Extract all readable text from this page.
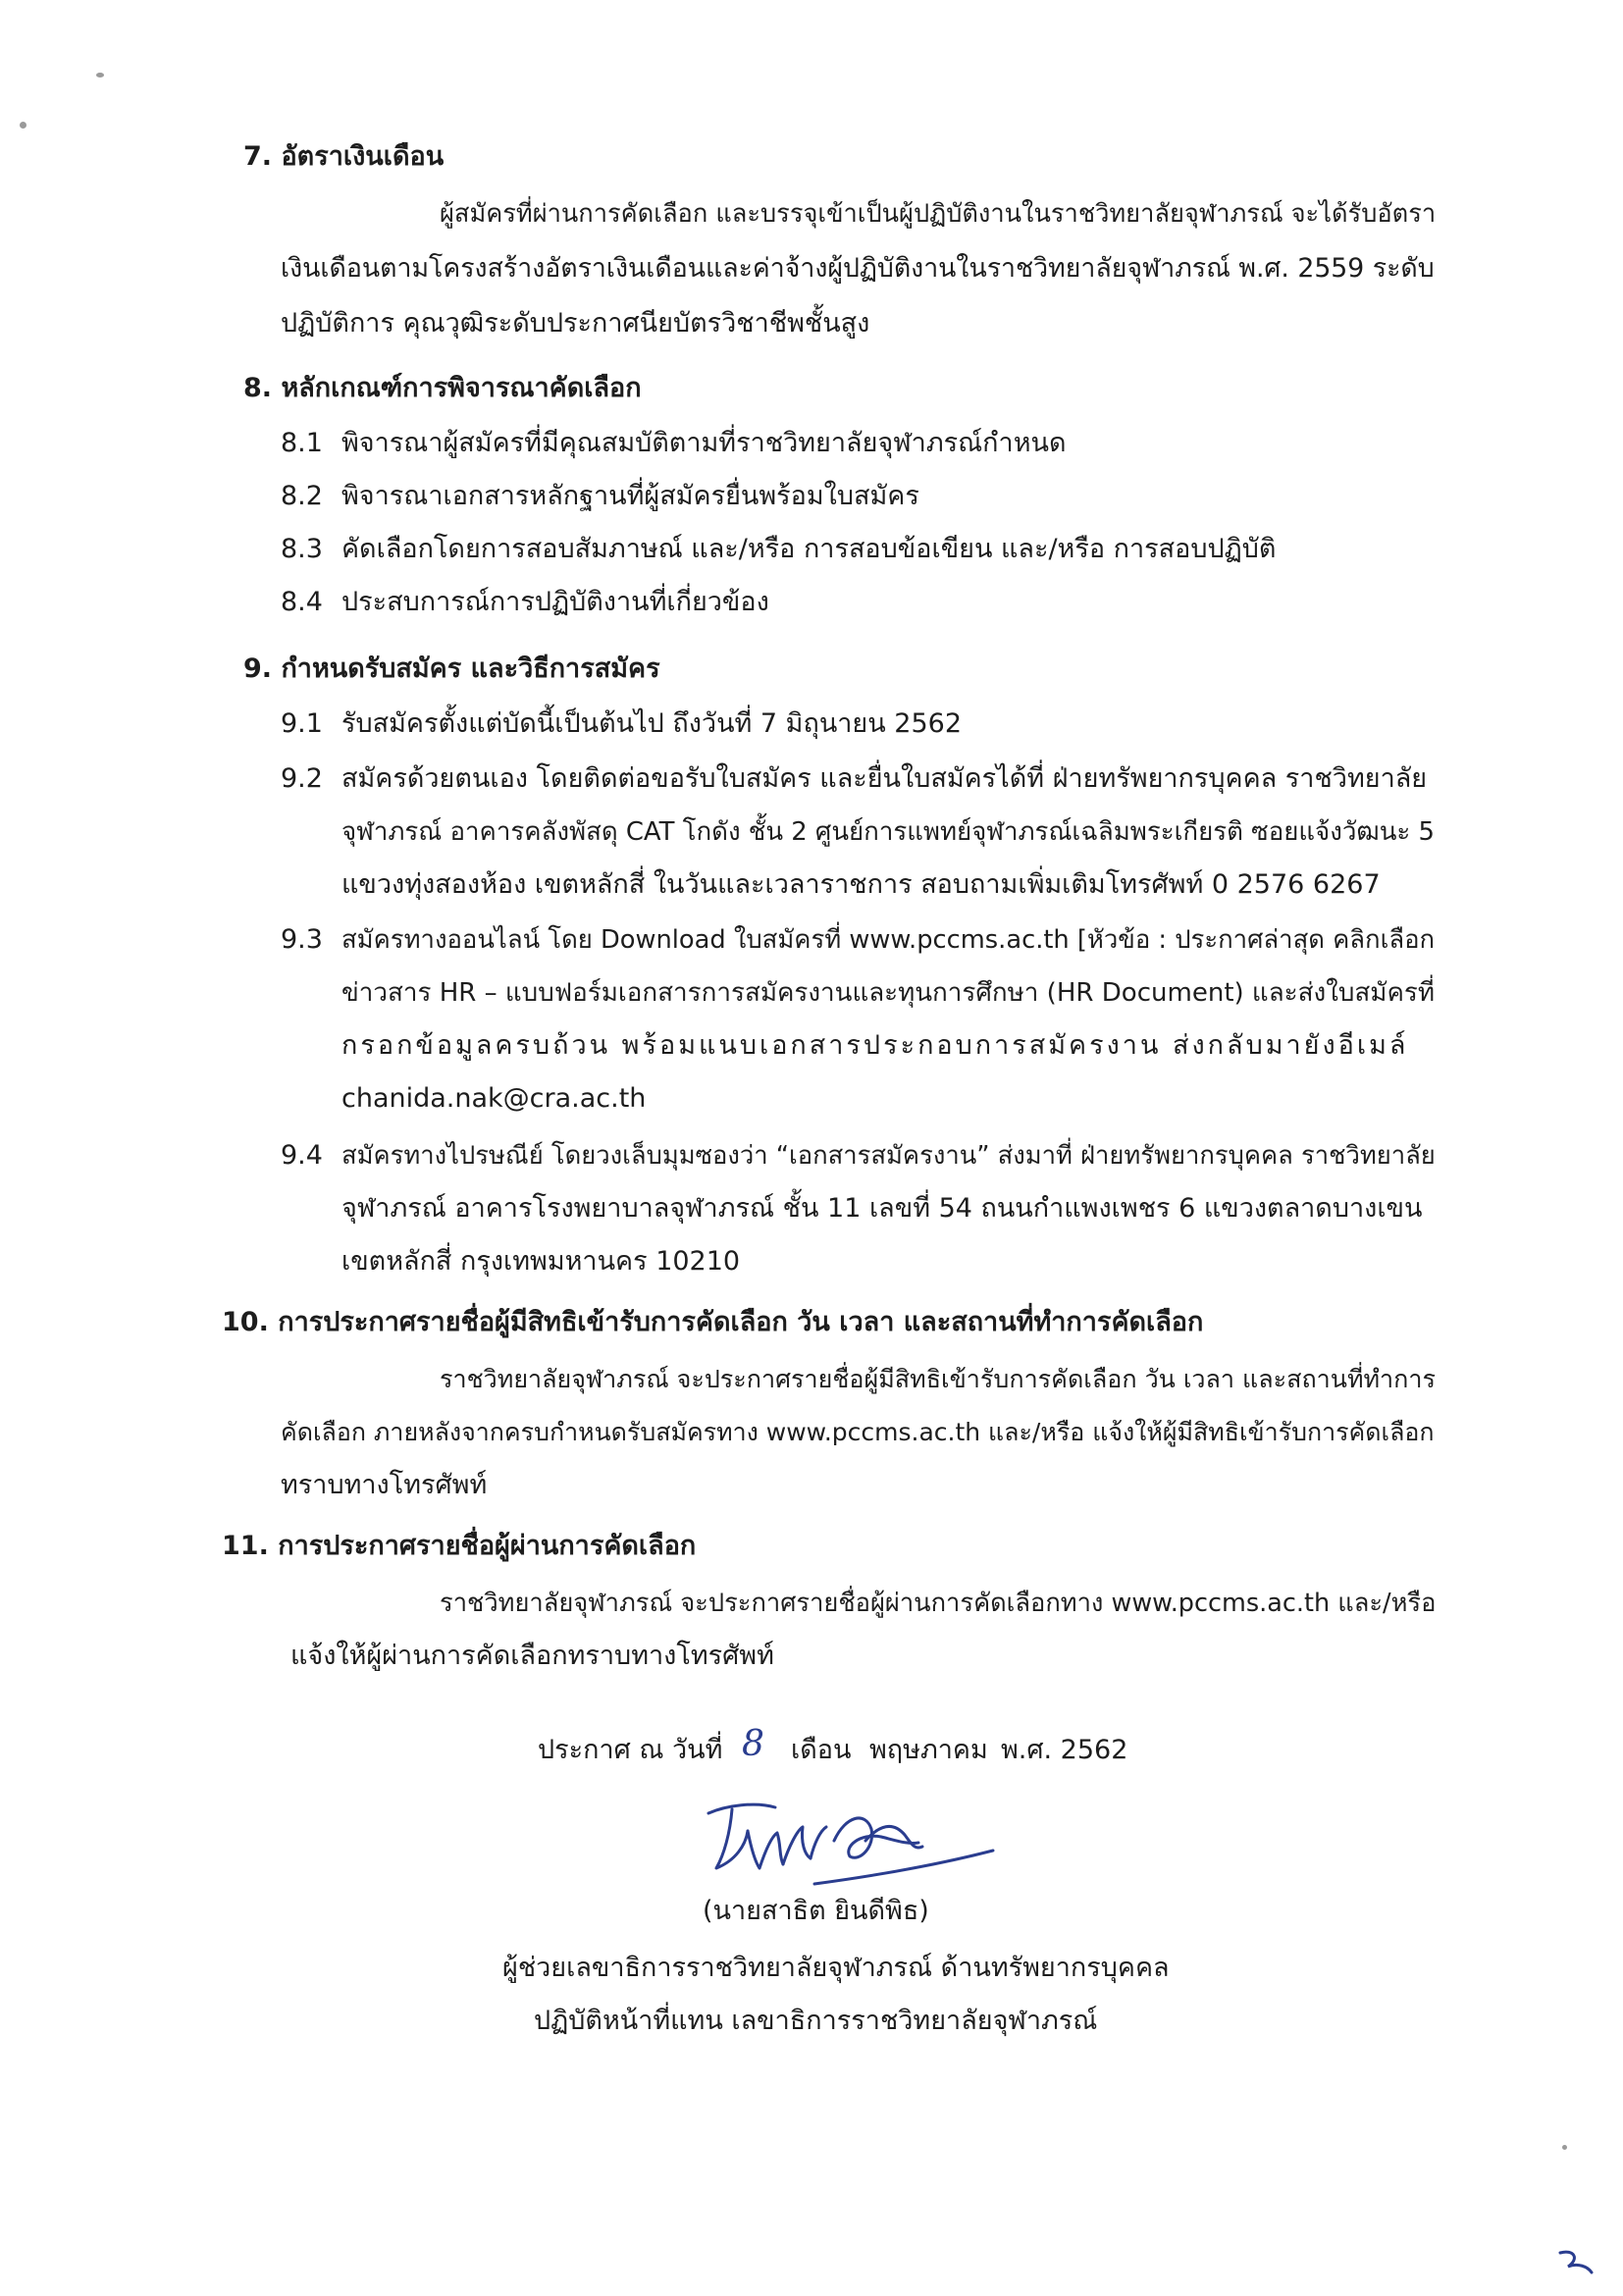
7. อัตราเงินเดือน
ผู้สมัครที่ผ่านการคัดเลือก และบรรจุเข้าเป็นผู้ปฏิบัติงานในราชวิทยาลัยจุฬาภรณ์ จะได้รับอัตรา
เงินเดือนตามโครงสร้างอัตราเงินเดือนและค่าจ้างผู้ปฏิบัติงานในราชวิทยาลัยจุฬาภรณ์ พ.ศ. 2559 ระดับ
ปฏิบัติการ คุณวุฒิระดับประกาศนียบัตรวิชาชีพชั้นสูง
8. หลักเกณฑ์การพิจารณาคัดเลือก
8.1 พิจารณาผู้สมัครที่มีคุณสมบัติตามที่ราชวิทยาลัยจุฬาภรณ์กำหนด
8.2 พิจารณาเอกสารหลักฐานที่ผู้สมัครยื่นพร้อมใบสมัคร
8.3 คัดเลือกโดยการสอบสัมภาษณ์ และ/หรือ การสอบข้อเขียน และ/หรือ การสอบปฏิบัติ
8.4 ประสบการณ์การปฏิบัติงานที่เกี่ยวข้อง
9. กำหนดรับสมัคร และวิธีการสมัคร
9.1 รับสมัครตั้งแต่บัดนี้เป็นต้นไป ถึงวันที่ 7 มิถุนายน 2562
9.2 สมัครด้วยตนเอง โดยติดต่อขอรับใบสมัคร และยื่นใบสมัครได้ที่ ฝ่ายทรัพยากรบุคคล ราชวิทยาลัย
จุฬาภรณ์ อาคารคลังพัสดุ CAT โกดัง ชั้น 2 ศูนย์การแพทย์จุฬาภรณ์เฉลิมพระเกียรติ ซอยแจ้งวัฒนะ 5
แขวงทุ่งสองห้อง เขตหลักสี่ ในวันและเวลาราชการ สอบถามเพิ่มเติมโทรศัพท์ 0 2576 6267
9.3 สมัครทางออนไลน์ โดย Download ใบสมัครที่ www.pccms.ac.th [หัวข้อ : ประกาศล่าสุด คลิกเลือก
ข่าวสาร HR – แบบฟอร์มเอกสารการสมัครงานและทุนการศึกษา (HR Document) และส่งใบสมัครที่
กรอกข้อมูลครบถ้วน พร้อมแนบเอกสารประกอบการสมัครงาน ส่งกลับมายังอีเมล์
chanida.nak@cra.ac.th
9.4 สมัครทางไปรษณีย์ โดยวงเล็บมุมซองว่า “เอกสารสมัครงาน” ส่งมาที่ ฝ่ายทรัพยากรบุคคล ราชวิทยาลัย
จุฬาภรณ์ อาคารโรงพยาบาลจุฬาภรณ์ ชั้น 11 เลขที่ 54 ถนนกำแพงเพชร 6 แขวงตลาดบางเขน
เขตหลักสี่ กรุงเทพมหานคร 10210
10. การประกาศรายชื่อผู้มีสิทธิเข้ารับการคัดเลือก วัน เวลา และสถานที่ทำการคัดเลือก
ราชวิทยาลัยจุฬาภรณ์ จะประกาศรายชื่อผู้มีสิทธิเข้ารับการคัดเลือก วัน เวลา และสถานที่ทำการ
คัดเลือก ภายหลังจากครบกำหนดรับสมัครทาง www.pccms.ac.th และ/หรือ แจ้งให้ผู้มีสิทธิเข้ารับการคัดเลือก
ทราบทางโทรศัพท์
11. การประกาศรายชื่อผู้ผ่านการคัดเลือก
ราชวิทยาลัยจุฬาภรณ์ จะประกาศรายชื่อผู้ผ่านการคัดเลือกทาง www.pccms.ac.th และ/หรือ
แจ้งให้ผู้ผ่านการคัดเลือกทราบทางโทรศัพท์
ประกาศ ณ วันที่ 8 เดือน พฤษภาคม พ.ศ. 2562
(นายสาธิต ยินดีพิธ)
ผู้ช่วยเลขาธิการราชวิทยาลัยจุฬาภรณ์ ด้านทรัพยากรบุคคล
ปฏิบัติหน้าที่แทน เลขาธิการราชวิทยาลัยจุฬาภรณ์
